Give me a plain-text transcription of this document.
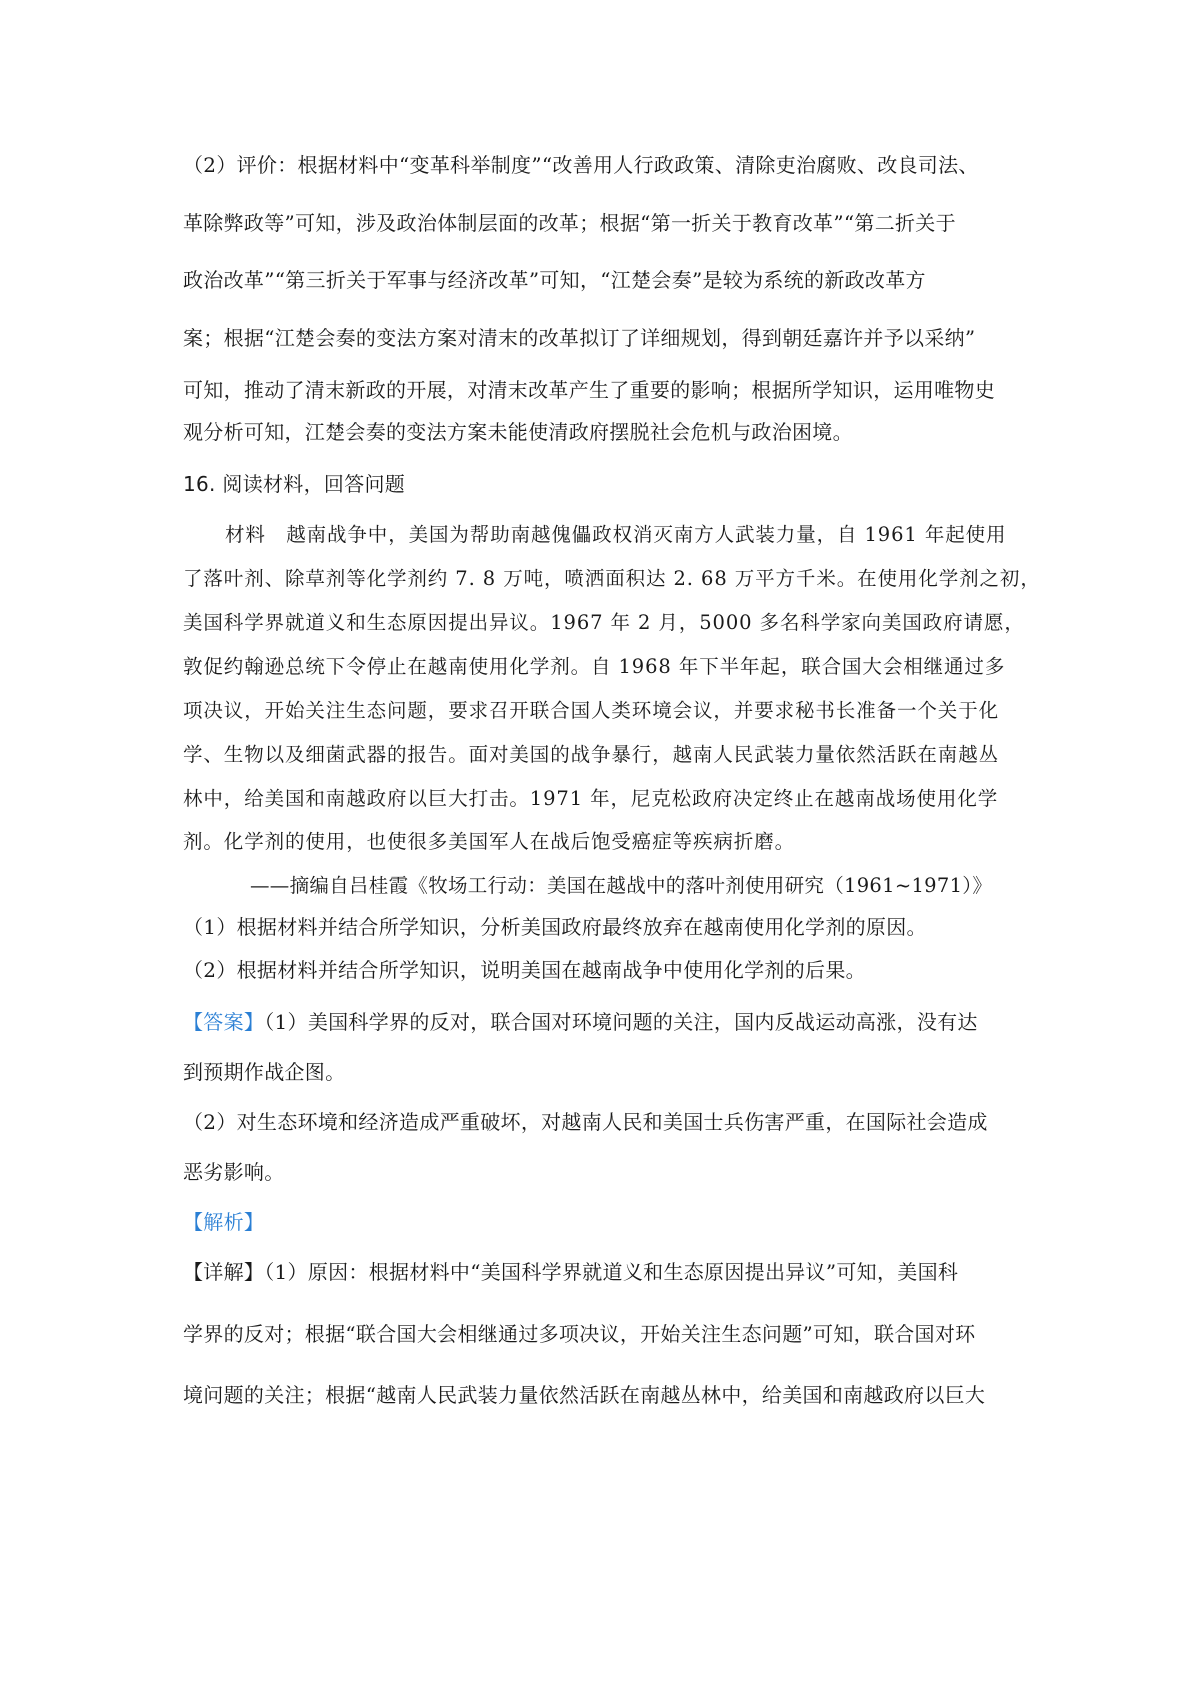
（2）评价：根据材料中“变革科举制度”“改善用人行政政策、清除吏治腐败、改良司法、
革除弊政等”可知，涉及政治体制层面的改革；根据“第一折关于教育改革”“第二折关于
政治改革”“第三折关于军事与经济改革”可知，“江楚会奏”是较为系统的新政改革方
案；根据“江楚会奏的变法方案对清末的改革拟订了详细规划，得到朝廷嘉许并予以采纳”
可知，推动了清末新政的开展，对清末改革产生了重要的影响；根据所学知识，运用唯物史
观分析可知，江楚会奏的变法方案未能使清政府摆脱社会危机与政治困境。
16. 阅读材料，回答问题
材料　越南战争中，美国为帮助南越傀儡政权消灭南方人武装力量，自 1961 年起使用
了落叶剂、除草剂等化学剂约 7. 8 万吨，喷洒面积达 2. 68 万平方千米。在使用化学剂之初，
美国科学界就道义和生态原因提出异议。1967 年 2 月，5000 多名科学家向美国政府请愿，
敦促约翰逊总统下令停止在越南使用化学剂。自 1968 年下半年起，联合国大会相继通过多
项决议，开始关注生态问题，要求召开联合国人类环境会议，并要求秘书长准备一个关于化
学、生物以及细菌武器的报告。面对美国的战争暴行，越南人民武装力量依然活跃在南越丛
林中，给美国和南越政府以巨大打击。1971 年，尼克松政府决定终止在越南战场使用化学
剂。化学剂的使用，也使很多美国军人在战后饱受癌症等疾病折磨。
——摘编自吕桂霞《牧场工行动：美国在越战中的落叶剂使用研究（1961~1971）》
（1）根据材料并结合所学知识，分析美国政府最终放弃在越南使用化学剂的原因。
（2）根据材料并结合所学知识，说明美国在越南战争中使用化学剂的后果。
【答案】（1）美国科学界的反对，联合国对环境问题的关注，国内反战运动高涨，没有达
到预期作战企图。
（2）对生态环境和经济造成严重破坏，对越南人民和美国士兵伤害严重，在国际社会造成
恶劣影响。
【解析】
【详解】（1）原因：根据材料中“美国科学界就道义和生态原因提出异议”可知，美国科
学界的反对；根据“联合国大会相继通过多项决议，开始关注生态问题”可知，联合国对环
境问题的关注；根据“越南人民武装力量依然活跃在南越丛林中，给美国和南越政府以巨大
